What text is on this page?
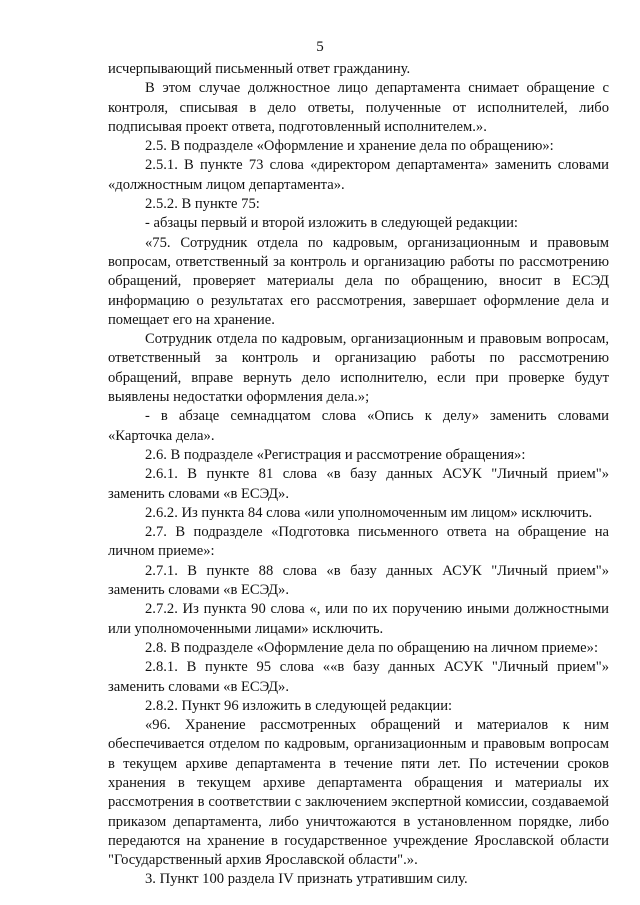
5

исчерпывающий письменный ответ гражданину.

В этом случае должностное лицо департамента снимает обращение с контроля, списывая в дело ответы, полученные от исполнителей, либо подписывая проект ответа, подготовленный исполнителем.».

2.5. В подразделе «Оформление и хранение дела по обращению»:

2.5.1. В пункте 73 слова «директором департамента» заменить словами «должностным лицом департамента».

2.5.2. В пункте 75:

- абзацы первый и второй изложить в следующей редакции:

«75. Сотрудник отдела по кадровым, организационным и правовым вопросам, ответственный за контроль и организацию работы по рассмотрению обращений, проверяет материалы дела по обращению, вносит в ЕСЭД информацию о результатах его рассмотрения, завершает оформление дела и помещает его на хранение.

Сотрудник отдела по кадровым, организационным и правовым вопросам, ответственный за контроль и организацию работы по рассмотрению обращений, вправе вернуть дело исполнителю, если при проверке будут выявлены недостатки оформления дела.»;

- в абзаце семнадцатом слова «Опись к делу» заменить словами «Карточка дела».

2.6. В подразделе «Регистрация и рассмотрение обращения»:

2.6.1. В пункте 81 слова «в базу данных АСУК "Личный прием"» заменить словами «в ЕСЭД».

2.6.2. Из пункта 84 слова «или уполномоченным им лицом» исключить.

2.7. В подразделе «Подготовка письменного ответа на обращение на личном приеме»:

2.7.1. В пункте 88 слова «в базу данных АСУК "Личный прием"» заменить словами «в ЕСЭД».

2.7.2. Из пункта 90 слова «, или по их поручению иными должностными или уполномоченными лицами» исключить.

2.8. В подразделе «Оформление дела по обращению на личном приеме»:

2.8.1. В пункте 95 слова ««в базу данных АСУК "Личный прием"» заменить словами «в ЕСЭД».

2.8.2. Пункт 96 изложить в следующей редакции:

«96. Хранение рассмотренных обращений и материалов к ним обеспечивается отделом по кадровым, организационным и правовым вопросам в текущем архиве департамента в течение пяти лет. По истечении сроков хранения в текущем архиве департамента обращения и материалы их рассмотрения в соответствии с заключением экспертной комиссии, создаваемой приказом департамента, либо уничтожаются в установленном порядке, либо передаются на хранение в государственное учреждение Ярославской области "Государственный архив Ярославской области".».

3. Пункт 100 раздела IV признать утратившим силу.
